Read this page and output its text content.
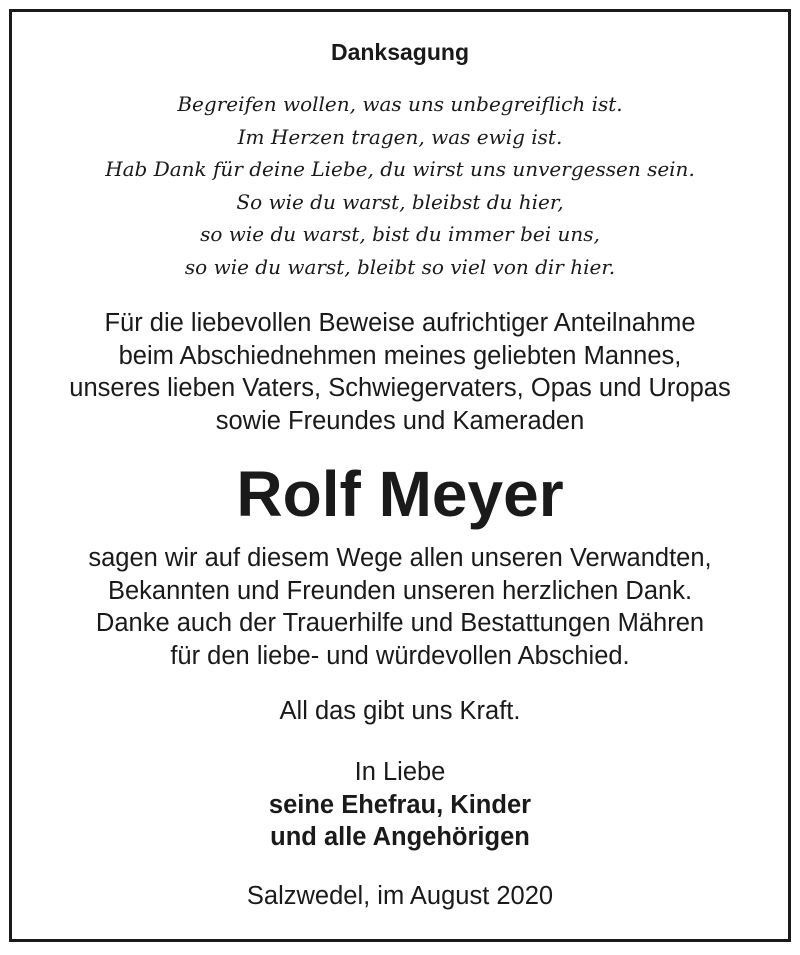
Danksagung
Begreifen wollen, was uns unbegreiflich ist.
Im Herzen tragen, was ewig ist.
Hab Dank für deine Liebe, du wirst uns unvergessen sein.
So wie du warst, bleibst du hier,
so wie du warst, bist du immer bei uns,
so wie du warst, bleibt so viel von dir hier.
Für die liebevollen Beweise aufrichtiger Anteilnahme
beim Abschiednehmen meines geliebten Mannes,
unseres lieben Vaters, Schwiegervaters, Opas und Uropas
sowie Freundes und Kameraden
Rolf Meyer
sagen wir auf diesem Wege allen unseren Verwandten,
Bekannten und Freunden unseren herzlichen Dank.
Danke auch der Trauerhilfe und Bestattungen Mähren
für den liebe- und würdevollen Abschied.
All das gibt uns Kraft.
In Liebe
seine Ehefrau, Kinder
und alle Angehörigen
Salzwedel, im August 2020
